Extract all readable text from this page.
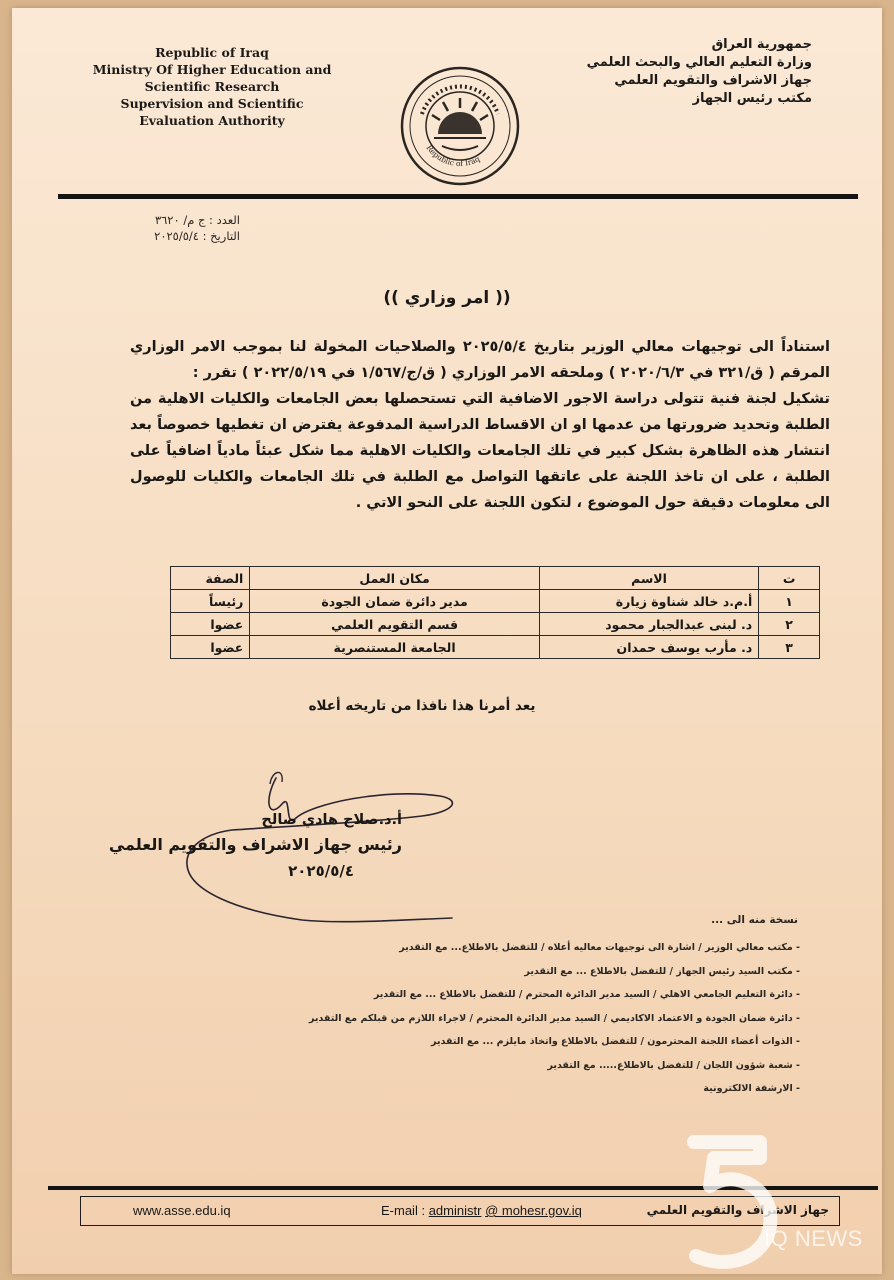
Republic of Iraq
Ministry Of Higher Education and
Scientific Research
Supervision and Scientific
Evaluation Authority
جمهورية العراق
وزارة التعليم العالي والبحث العلمي
جهاز الاشراف والتقويم العلمي
مكتب رئيس الجهاز
Republic of Iraq
العدد : ج م/ ٣٦٢٠
التاريخ : ٢٠٢٥/٥/٤
(( امر وزاري ))

استناداً الى توجيهات معالي الوزير بتاريخ ٢٠٢٥/٥/٤ والصلاحيات المخولة لنا بموجب الامر الوزاري المرقم ( ق/٣٢١ في ٢٠٢٠/٦/٣ ) وملحقه الامر الوزاري ( ق/ج/١/٥٦٧ في ٢٠٢٢/٥/١٩ ) تقرر :

تشكيل لجنة فنية تتولى دراسة الاجور الاضافية التي تستحصلها بعض الجامعات والكليات الاهلية من الطلبة وتحديد ضرورتها من عدمها او ان الاقساط الدراسية المدفوعة يفترض ان تغطيها خصوصاً بعد انتشار هذه الظاهرة بشكل كبير في تلك الجامعات والكليات الاهلية مما شكل عبئاً مادياً اضافياً على الطلبة ، على ان تاخذ اللجنة على عاتقها التواصل مع الطلبة في تلك الجامعات والكليات للوصول الى معلومات دقيقة حول الموضوع ، لتكون اللجنة على النحو الاتي .

ت	الاسم	مكان العمل	الصفة
١	أ.م.د خالد شناوة زيارة	مدير دائرة ضمان الجودة	رئيساً
٢	د. لبنى عبدالجبار محمود	قسم التقويم العلمي	عضوا
٣	د. مأرب يوسف حمدان	الجامعة المستنصرية	عضوا
يعد أمرنا هذا نافذا من تاريخه أعلاه
أ.د.صلاح هادي صالح
رئيس جهاز الاشراف والتقويم العلمي
٢٠٢٥/٥/٤
نسخة منه الى ...
- مكتب معالي الوزير / اشارة الى توجيهات معاليه أعلاه / للتفضل بالاطلاع... مع التقدير
- مكتب السيد رئيس الجهاز / للتفضل بالاطلاع ... مع التقدير
- دائرة التعليم الجامعي الاهلي / السيد مدير الدائرة المحترم / للتفضل بالاطلاع ... مع التقدير
- دائرة ضمان الجودة و الاعتماد الاكاديمي / السيد مدير الدائرة المحترم / لاجراء اللازم من قبلكم مع التقدير
- الذوات أعضاء اللجنة المحترمون / للتفضل بالاطلاع واتخاذ مايلزم ... مع التقدير
- شعبة شؤون اللجان / للتفضل بالاطلاع..... مع التقدير
- الارشفة الالكترونية
www.asse.edu.iq	E-mail : administr @ mohesr.gov.iq	جهاز الاشراف والتقويم العلمي
IQ NEWS
